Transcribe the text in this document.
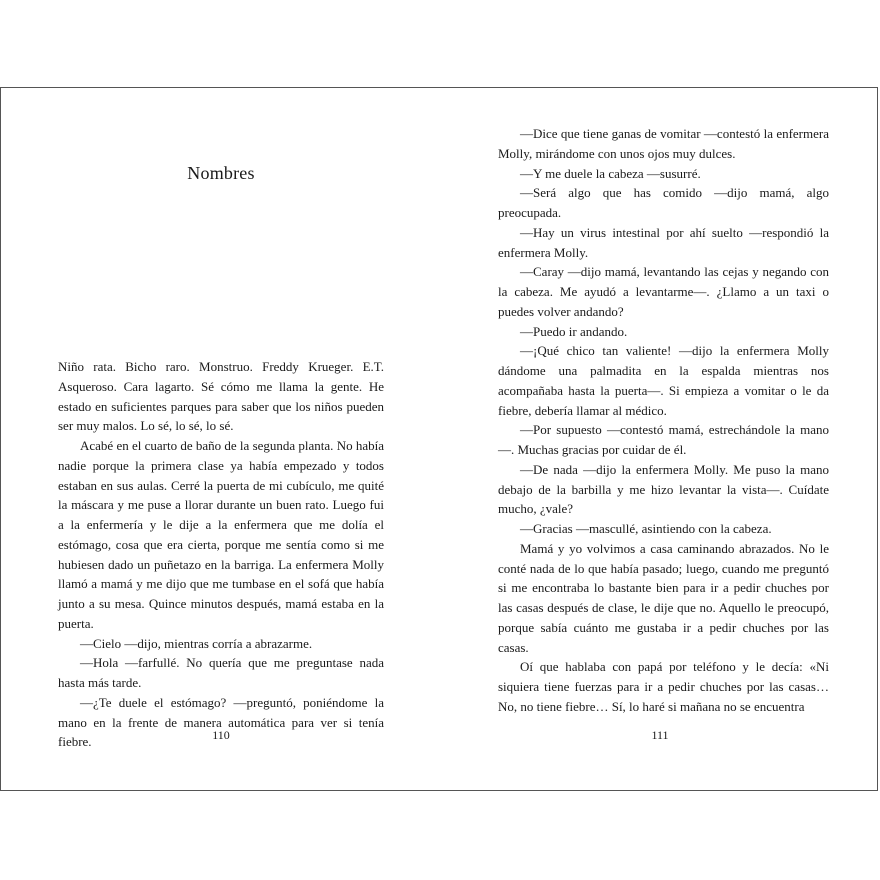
Nombres

Niño rata. Bicho raro. Monstruo. Freddy Krueger. E.T. Asqueroso. Cara lagarto. Sé cómo me llama la gente. He estado en suficientes parques para saber que los niños pueden ser muy malos. Lo sé, lo sé, lo sé.

Acabé en el cuarto de baño de la segunda planta. No había nadie porque la primera clase ya había empezado y todos estaban en sus aulas. Cerré la puerta de mi cubículo, me quité la máscara y me puse a llorar durante un buen rato. Luego fui a la enfermería y le dije a la enfermera que me dolía el estómago, cosa que era cierta, porque me sentía como si me hubiesen dado un puñetazo en la barriga. La enfermera Molly llamó a mamá y me dijo que me tumbase en el sofá que había junto a su mesa. Quince minutos después, mamá estaba en la puerta.

—Cielo —dijo, mientras corría a abrazarme.

—Hola —farfullé. No quería que me preguntase nada hasta más tarde.

—¿Te duele el estómago? —preguntó, poniéndome la mano en la frente de manera automática para ver si tenía fiebre.	110

—Dice que tiene ganas de vomitar —contestó la enfermera Molly, mirándome con unos ojos muy dulces.

—Y me duele la cabeza —susurré.

—Será algo que has comido —dijo mamá, algo preocupada.

—Hay un virus intestinal por ahí suelto —respondió la enfermera Molly.

—Caray —dijo mamá, levantando las cejas y negando con la cabeza. Me ayudó a levantarme—. ¿Llamo a un taxi o puedes volver andando?

—Puedo ir andando.

—¡Qué chico tan valiente! —dijo la enfermera Molly dándome una palmadita en la espalda mientras nos acompañaba hasta la puerta—. Si empieza a vomitar o le da fiebre, debería llamar al médico.

—Por supuesto —contestó mamá, estrechándole la mano—. Muchas gracias por cuidar de él.

—De nada —dijo la enfermera Molly. Me puso la mano debajo de la barbilla y me hizo levantar la vista—. Cuídate mucho, ¿vale?

—Gracias —mascullé, asintiendo con la cabeza.

Mamá y yo volvimos a casa caminando abrazados. No le conté nada de lo que había pasado; luego, cuando me preguntó si me encontraba lo bastante bien para ir a pedir chuches por las casas después de clase, le dije que no. Aquello le preocupó, porque sabía cuánto me gustaba ir a pedir chuches por las casas.

Oí que hablaba con papá por teléfono y le decía: «Ni siquiera tiene fuerzas para ir a pedir chuches por las casas… No, no tiene fiebre… Sí, lo haré si mañana no se encuentra

111
